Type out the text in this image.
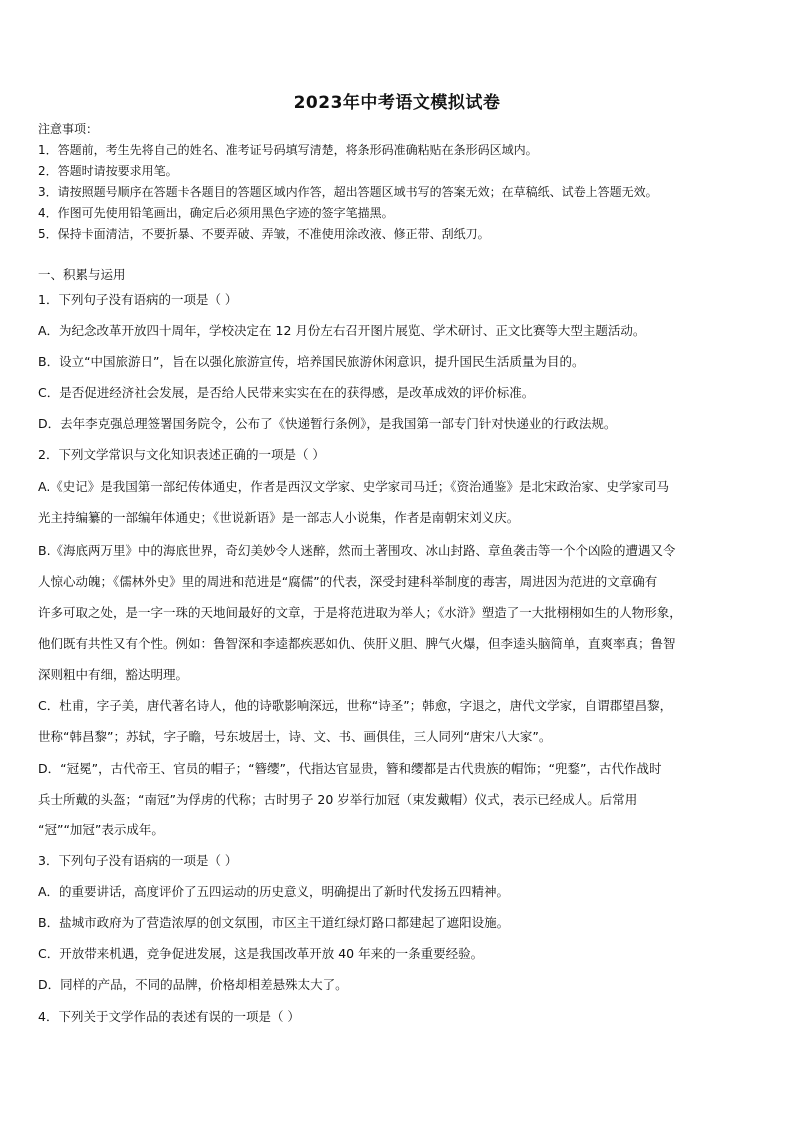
2023年中考语文模拟试卷
注意事项：
1．答题前，考生先将自己的姓名、准考证号码填写清楚，将条形码准确粘贴在条形码区域内。
2．答题时请按要求用笔。
3．请按照题号顺序在答题卡各题目的答题区域内作答，超出答题区域书写的答案无效；在草稿纸、试卷上答题无效。
4．作图可先使用铅笔画出，确定后必须用黑色字迹的签字笔描黑。
5．保持卡面清洁，不要折暴、不要弄破、弄皱，不准使用涂改液、修正带、刮纸刀。
一、积累与运用
1．下列句子没有语病的一项是（ ）
A．为纪念改革开放四十周年，学校决定在 12 月份左右召开图片展览、学术研讨、正文比赛等大型主题活动。
B．设立“中国旅游日”，旨在以强化旅游宣传，培养国民旅游休闲意识，提升国民生活质量为目的。
C．是否促进经济社会发展，是否给人民带来实实在在的获得感，是改革成效的评价标准。
D．去年李克强总理签署国务院令，公布了《快递暂行条例》，是我国第一部专门针对快递业的行政法规。
2．下列文学常识与文化知识表述正确的一项是（ ）
A.《史记》是我国第一部纪传体通史，作者是西汉文学家、史学家司马迁；《资治通鉴》是北宋政治家、史学家司马
光主持编纂的一部编年体通史；《世说新语》是一部志人小说集，作者是南朝宋刘义庆。
B.《海底两万里》中的海底世界，奇幻美妙令人迷醉，然而土著围攻、冰山封路、章鱼袭击等一个个凶险的遭遇又令
人惊心动魄；《儒林外史》里的周进和范进是“腐儒”的代表，深受封建科举制度的毒害，周进因为范进的文章确有
许多可取之处，是一字一珠的天地间最好的文章，于是将范进取为举人；《水浒》塑造了一大批栩栩如生的人物形象，
他们既有共性又有个性。例如：鲁智深和李逵都疾恶如仇、侠肝义胆、脾气火爆，但李逵头脑简单，直爽率真；鲁智
深则粗中有细，豁达明理。
C．杜甫，字子美，唐代著名诗人，他的诗歌影响深远，世称“诗圣”；韩愈，字退之，唐代文学家，自谓郡望昌黎，
世称“韩昌黎”；苏轼，字子瞻，号东坡居士，诗、文、书、画俱佳，三人同列“唐宋八大家”。
D．“冠冕”，古代帝王、官员的帽子；“簪缨”，代指达官显贵，簪和缨都是古代贵族的帽饰；“兜鍪”，古代作战时
兵士所戴的头盔；“南冠”为俘虏的代称；古时男子 20 岁举行加冠（束发戴帽）仪式，表示已经成人。后常用
“冠”“加冠”表示成年。
3．下列句子没有语病的一项是（ ）
A．的重要讲话，高度评价了五四运动的历史意义，明确提出了新时代发扬五四精神。
B．盐城市政府为了营造浓厚的创文氛围，市区主干道红绿灯路口都建起了遮阳设施。
C．开放带来机遇，竞争促进发展，这是我国改革开放 40 年来的一条重要经验。
D．同样的产品，不同的品牌，价格却相差悬殊太大了。
4．下列关于文学作品的表述有误的一项是（ ）
